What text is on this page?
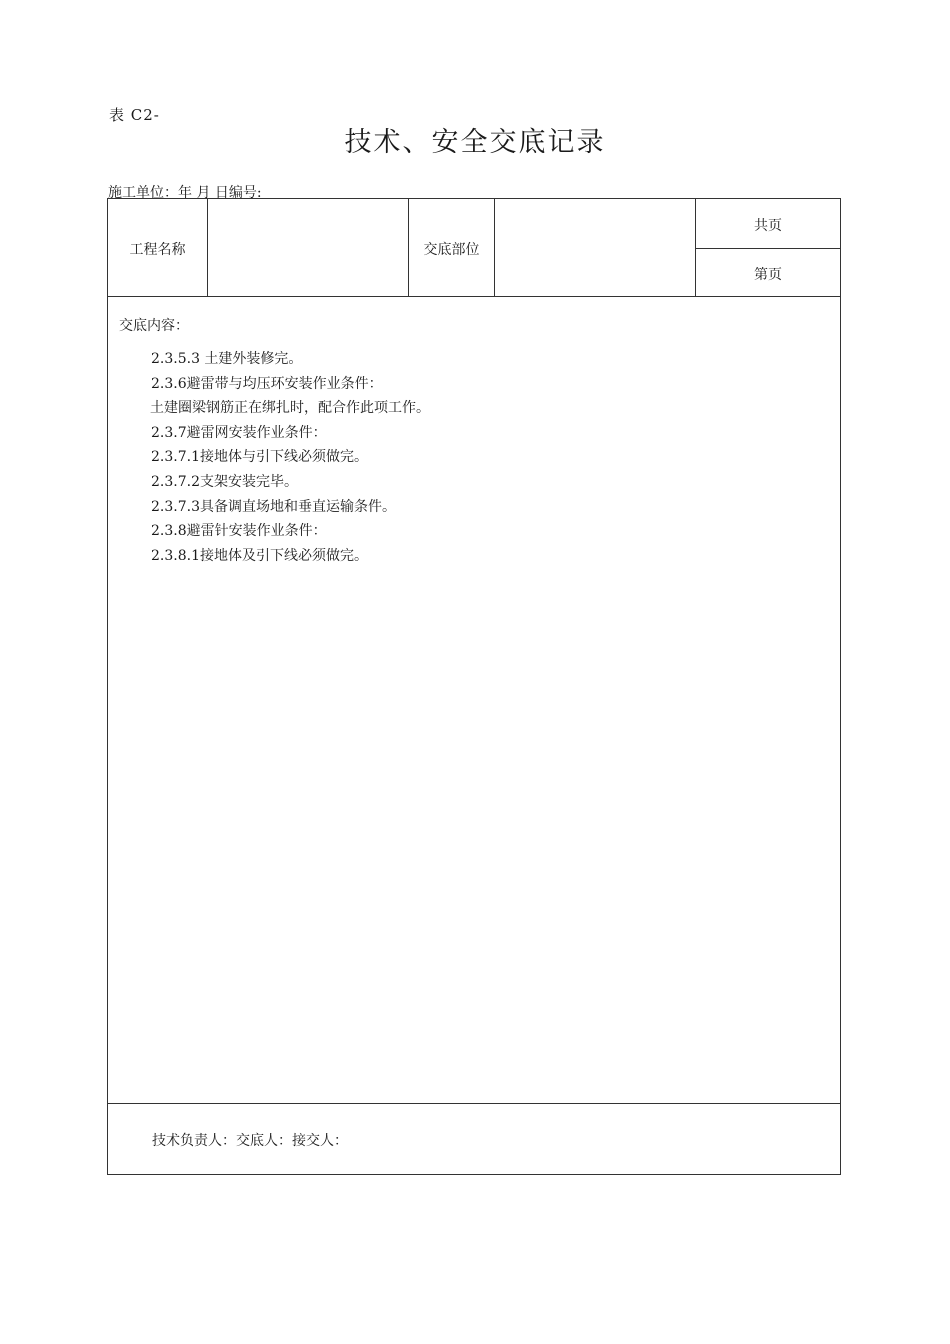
表 C2-
技术、安全交底记录
施工单位：年 月 日编号:
工程名称	交底部位
共页
第页
交底内容：
2.3.5.3 土建外装修完。
2.3.6避雷带与均压环安装作业条件：
土建圈梁钢筋正在绑扎时，配合作此项工作。
2.3.7避雷网安装作业条件：
2.3.7.1接地体与引下线必须做完。
2.3.7.2支架安装完毕。
2.3.7.3具备调直场地和垂直运输条件。
2.3.8避雷针安装作业条件：
2.3.8.1接地体及引下线必须做完。
技术负责人：交底人：接交人：
